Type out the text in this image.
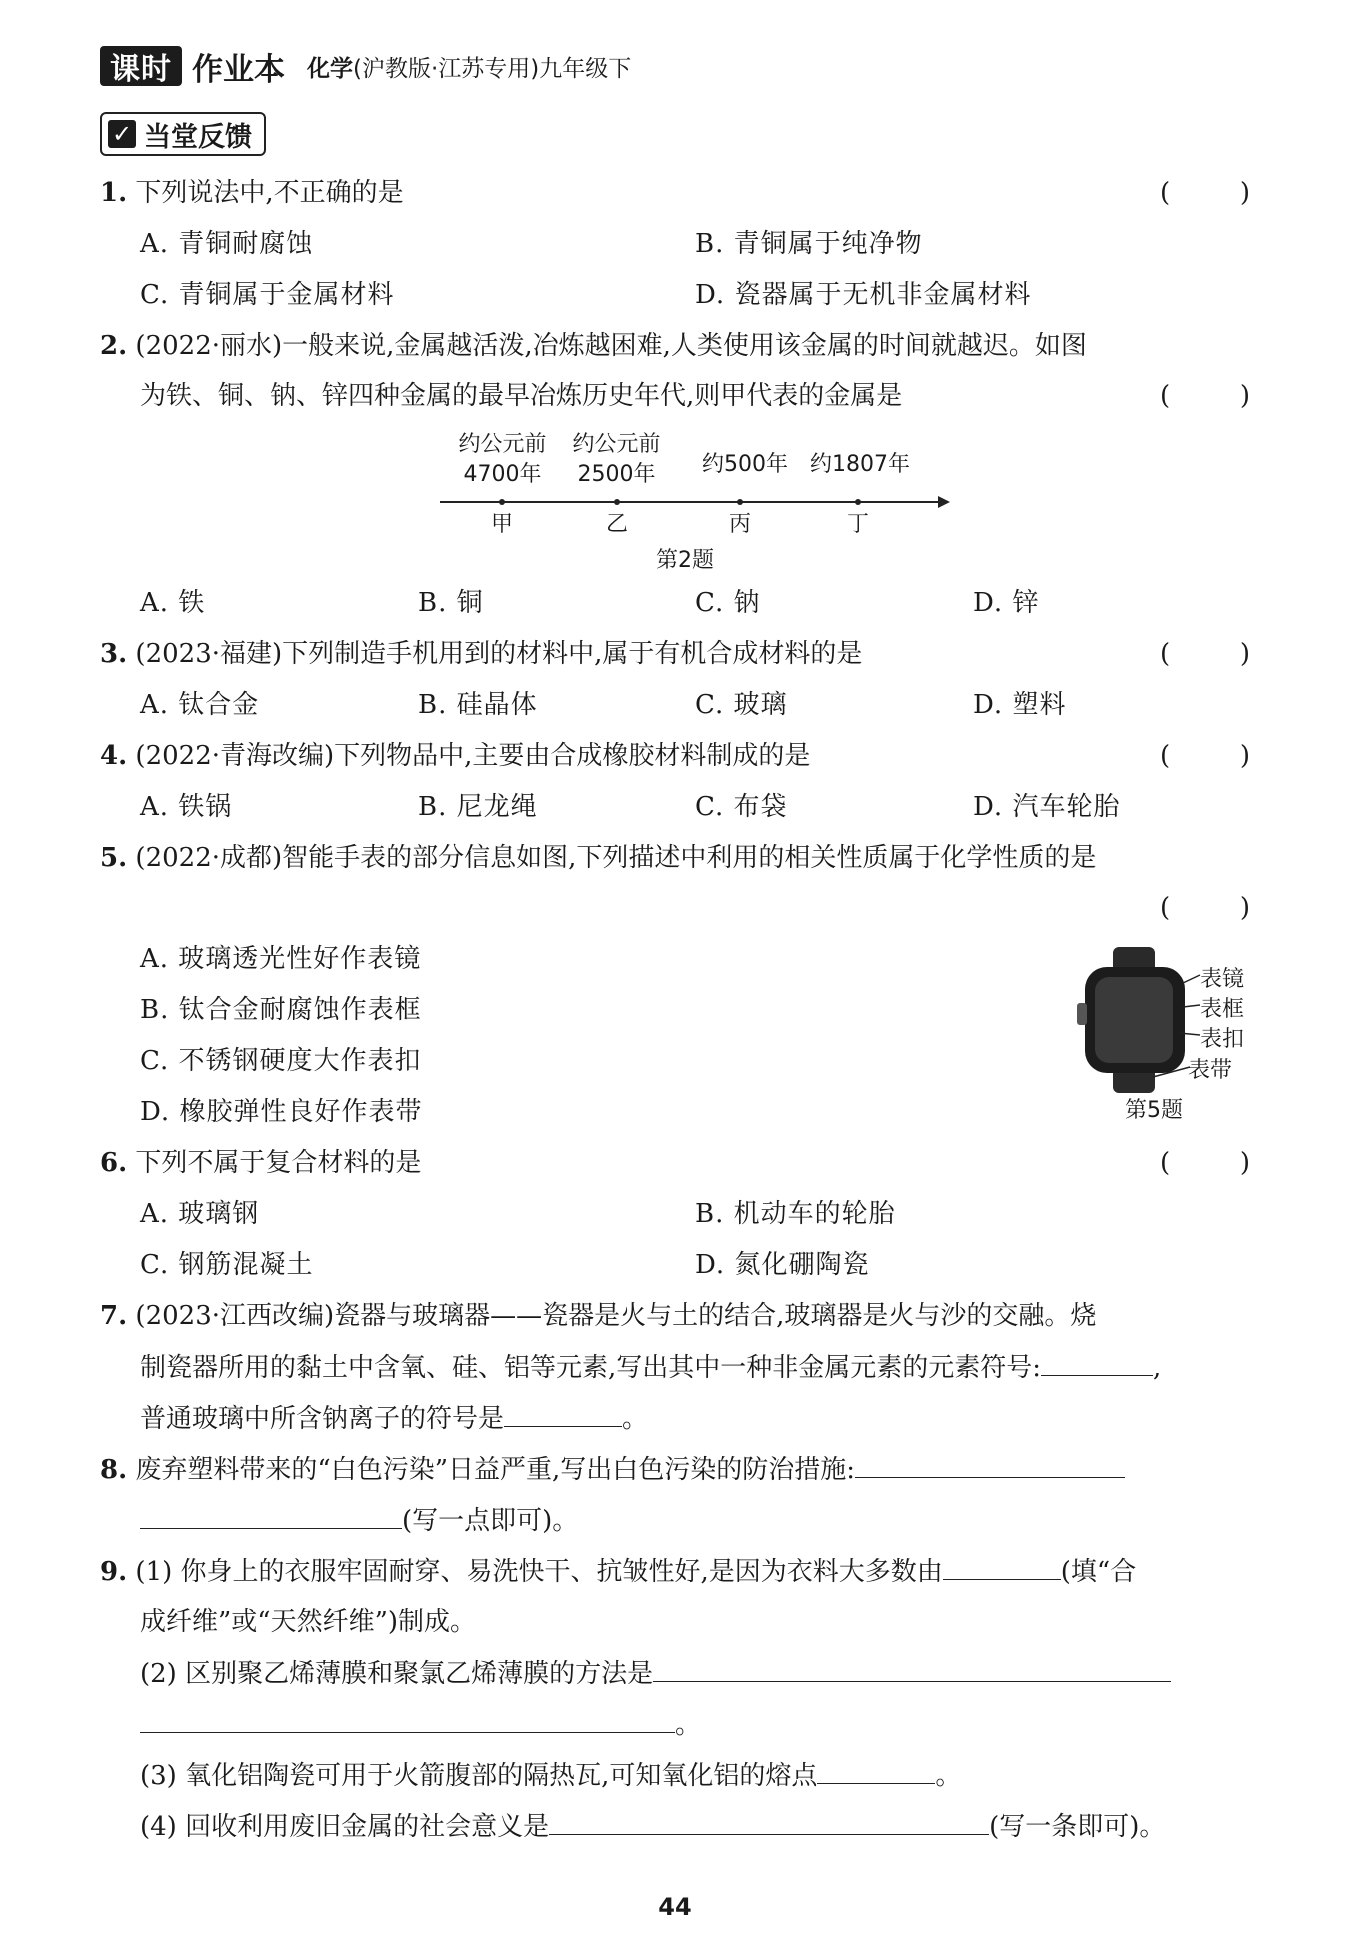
课时 作业本 化学(沪教版·江苏专用)九年级下
✓ 当堂反馈
1. 下列说法中,不正确的是	(	)
A. 青铜耐腐蚀	B. 青铜属于纯净物
C. 青铜属于金属材料	D. 瓷器属于无机非金属材料
2. (2022·丽水)一般来说,金属越活泼,冶炼越困难,人类使用该金属的时间就越迟。如图
为铁、铜、钠、锌四种金属的最早冶炼历史年代,则甲代表的金属是	(	)
约公元前
4700年
约公元前
2500年	约500年	约1807年
甲	乙	丙	丁
第2题
A. 铁	B. 铜	C. 钠	D. 锌
3. (2023·福建)下列制造手机用到的材料中,属于有机合成材料的是	(	)
A. 钛合金	B. 硅晶体	C. 玻璃	D. 塑料
4. (2022·青海改编)下列物品中,主要由合成橡胶材料制成的是	(	)
A. 铁锅	B. 尼龙绳	C. 布袋	D. 汽车轮胎
5. (2022·成都)智能手表的部分信息如图,下列描述中利用的相关性质属于化学性质的是
(	)
A. 玻璃透光性好作表镜
B. 钛合金耐腐蚀作表框
C. 不锈钢硬度大作表扣
D. 橡胶弹性良好作表带
表镜
表框
表扣
表带
第5题
6. 下列不属于复合材料的是	(	)
A. 玻璃钢	B. 机动车的轮胎
C. 钢筋混凝土	D. 氮化硼陶瓷
7. (2023·江西改编)瓷器与玻璃器——瓷器是火与土的结合,玻璃器是火与沙的交融。烧
制瓷器所用的黏土中含氧、硅、铝等元素,写出其中一种非金属元素的元素符号:	,
普通玻璃中所含钠离子的符号是	。
8. 废弃塑料带来的“白色污染”日益严重,写出白色污染的防治措施:
(写一点即可)。
9. (1) 你身上的衣服牢固耐穿、易洗快干、抗皱性好,是因为衣料大多数由	(填“合
成纤维”或“天然纤维”)制成。
(2) 区别聚乙烯薄膜和聚氯乙烯薄膜的方法是
。
(3) 氧化铝陶瓷可用于火箭腹部的隔热瓦,可知氧化铝的熔点	。
(4) 回收利用废旧金属的社会意义是	(写一条即可)。
44
